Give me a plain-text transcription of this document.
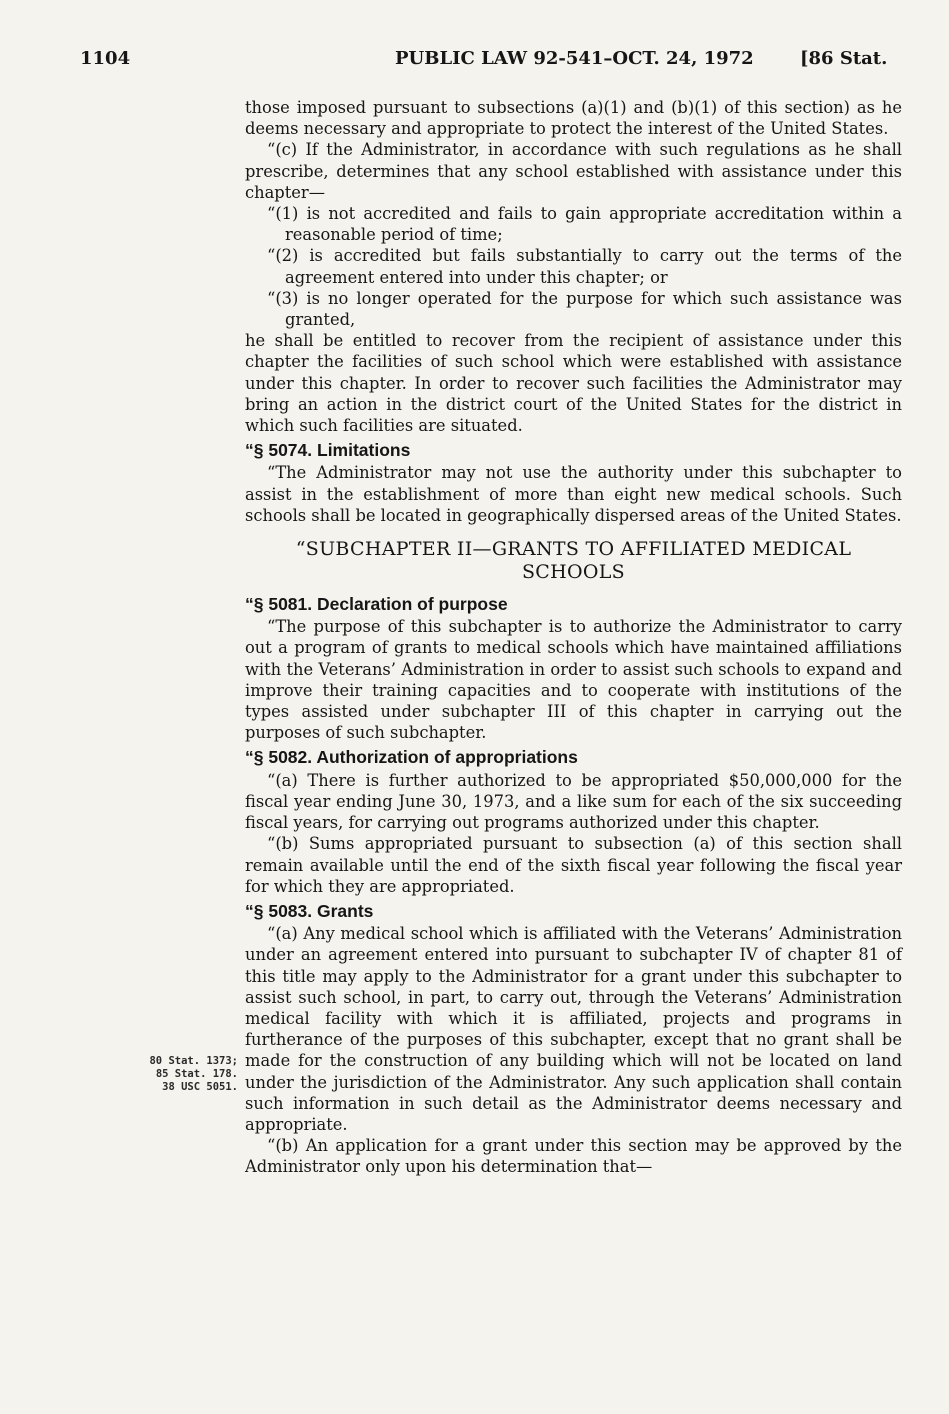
1104	PUBLIC LAW 92-541–OCT. 24, 1972	[86 Stat.
80 Stat. 1373;
85 Stat. 178.
38 USC 5051.

those imposed pursuant to subsections (a)(1) and (b)(1) of this section) as he deems necessary and appropriate to protect the interest of the United States.

“(c) If the Administrator, in accordance with such regulations as he shall prescribe, determines that any school established with assistance under this chapter—

“(1) is not accredited and fails to gain appropriate accreditation within a reasonable period of time;

“(2) is accredited but fails substantially to carry out the terms of the agreement entered into under this chapter; or

“(3) is no longer operated for the purpose for which such assistance was granted,

he shall be entitled to recover from the recipient of assistance under this chapter the facilities of such school which were established with assistance under this chapter. In order to recover such facilities the Administrator may bring an action in the district court of the United States for the district in which such facilities are situated.

“§ 5074. Limitations

“The Administrator may not use the authority under this subchapter to assist in the establishment of more than eight new medical schools. Such schools shall be located in geographically dispersed areas of the United States.

“SUBCHAPTER II—GRANTS TO AFFILIATED MEDICAL SCHOOLS

“§ 5081. Declaration of purpose

“The purpose of this subchapter is to authorize the Administrator to carry out a program of grants to medical schools which have maintained affiliations with the Veterans’ Administration in order to assist such schools to expand and improve their training capacities and to cooperate with institutions of the types assisted under subchapter III of this chapter in carrying out the purposes of such subchapter.

“§ 5082. Authorization of appropriations

“(a) There is further authorized to be appropriated $50,000,000 for the fiscal year ending June 30, 1973, and a like sum for each of the six succeeding fiscal years, for carrying out programs authorized under this chapter.

“(b) Sums appropriated pursuant to subsection (a) of this section shall remain available until the end of the sixth fiscal year following the fiscal year for which they are appropriated.

“§ 5083. Grants

“(a) Any medical school which is affiliated with the Veterans’ Administration under an agreement entered into pursuant to subchapter IV of chapter 81 of this title may apply to the Administrator for a grant under this subchapter to assist such school, in part, to carry out, through the Veterans’ Administration medical facility with which it is affiliated, projects and programs in furtherance of the purposes of this subchapter, except that no grant shall be made for the construction of any building which will not be located on land under the jurisdiction of the Administrator. Any such application shall contain such information in such detail as the Administrator deems necessary and appropriate.

“(b) An application for a grant under this section may be approved by the Administrator only upon his determination that—
